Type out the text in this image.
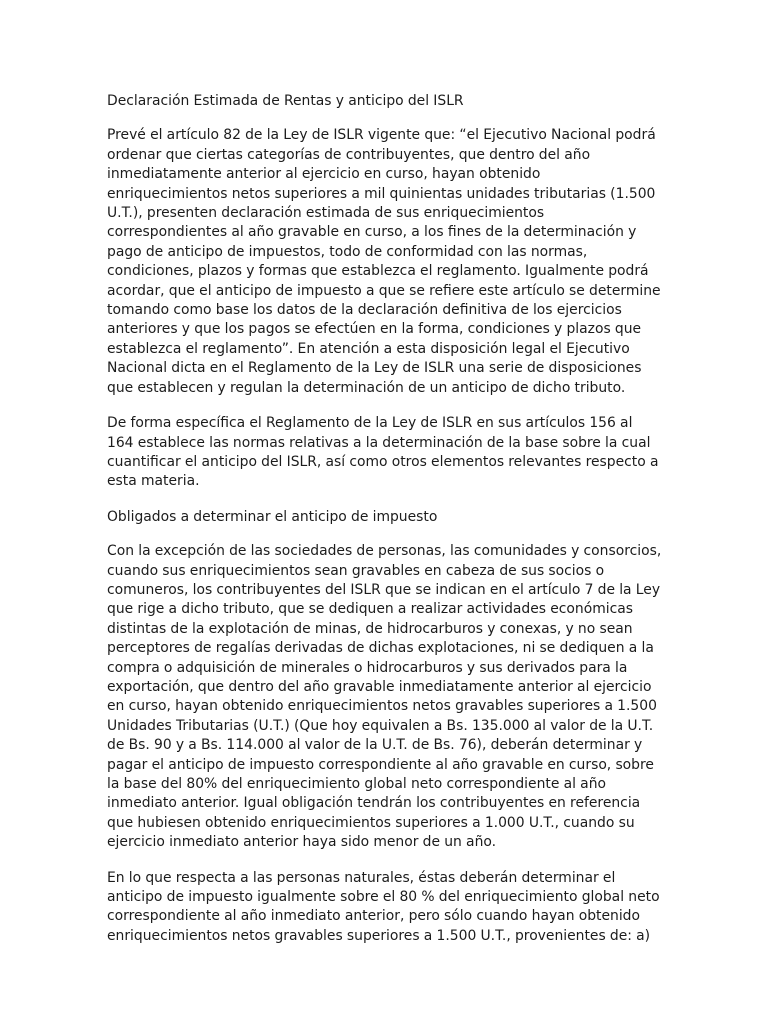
Declaración Estimada de Rentas y anticipo del ISLR

Prevé el artículo 82 de la Ley de ISLR vigente que: “el Ejecutivo Nacional podrá ordenar que ciertas categorías de contribuyentes, que dentro del año inmediatamente anterior al ejercicio en curso, hayan obtenido enriquecimientos netos superiores a mil quinientas unidades tributarias (1.500 U.T.), presenten declaración estimada de sus enriquecimientos correspondientes al año gravable en curso, a los fines de la determinación y pago de anticipo de impuestos, todo de conformidad con las normas, condiciones, plazos y formas que establezca el reglamento. Igualmente podrá acordar, que el anticipo de impuesto a que se refiere este artículo se determine tomando como base los datos de la declaración definitiva de los ejercicios anteriores y que los pagos se efectúen en la forma, condiciones y plazos que establezca el reglamento”. En atención a esta disposición legal el Ejecutivo Nacional dicta en el Reglamento de la Ley de ISLR una serie de disposiciones que establecen y regulan la determinación de un anticipo de dicho tributo.

De forma específica el Reglamento de la Ley de ISLR en sus artículos 156 al 164 establece las normas relativas a la determinación de la base sobre la cual cuantificar el anticipo del ISLR, así como otros elementos relevantes respecto a esta materia.

Obligados a determinar el anticipo de impuesto

Con la excepción de las sociedades de personas, las comunidades y consorcios, cuando sus enriquecimientos sean gravables en cabeza de sus socios o comuneros, los contribuyentes del ISLR que se indican en el artículo 7 de la Ley que rige a dicho tributo, que se dediquen a realizar actividades económicas distintas de la explotación de minas, de hidrocarburos y conexas, y no sean perceptores de regalías derivadas de dichas explotaciones, ni se dediquen a la compra o adquisición de minerales o hidrocarburos y sus derivados para la exportación, que dentro del año gravable inmediatamente anterior al ejercicio en curso, hayan obtenido enriquecimientos netos gravables superiores a 1.500 Unidades Tributarias (U.T.) (Que hoy equivalen a Bs. 135.000 al valor de la U.T. de Bs. 90 y a Bs. 114.000 al valor de la U.T. de Bs. 76), deberán determinar y pagar el anticipo de impuesto correspondiente al año gravable en curso, sobre la base del 80% del enriquecimiento global neto correspondiente al año inmediato anterior. Igual obligación tendrán los contribuyentes en referencia que hubiesen obtenido enriquecimientos superiores a 1.000 U.T., cuando su ejercicio inmediato anterior haya sido menor de un año.

En lo que respecta a las personas naturales, éstas deberán determinar el anticipo de impuesto igualmente sobre el 80 % del enriquecimiento global neto correspondiente al año inmediato anterior, pero sólo cuando hayan obtenido enriquecimientos netos gravables superiores a 1.500 U.T., provenientes de: a)
